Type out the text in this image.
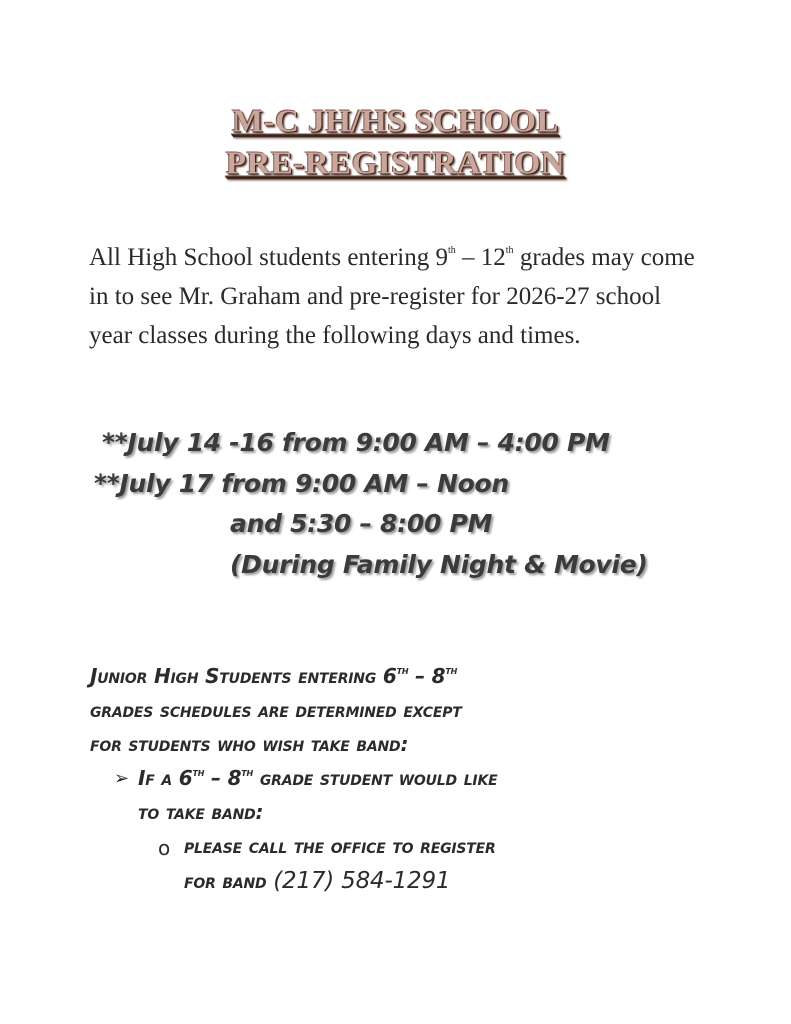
M-C JH/HS SCHOOL
PRE-REGISTRATION
All High School students entering 9th – 12th grades may come in to see Mr. Graham and pre-register for 2026-27 school year classes during the following days and times.
**July 14 -16 from 9:00 AM – 4:00 PM
**July 17 from 9:00 AM – Noon
and 5:30 – 8:00 PM
(During Family Night & Movie)
Junior High Students entering 6th – 8th
grades schedules are determined except
for students who wish take band:
If a 6th – 8th grade student would like
to take band:
please call the office to register
for band (217) 584-1291
➢
o
